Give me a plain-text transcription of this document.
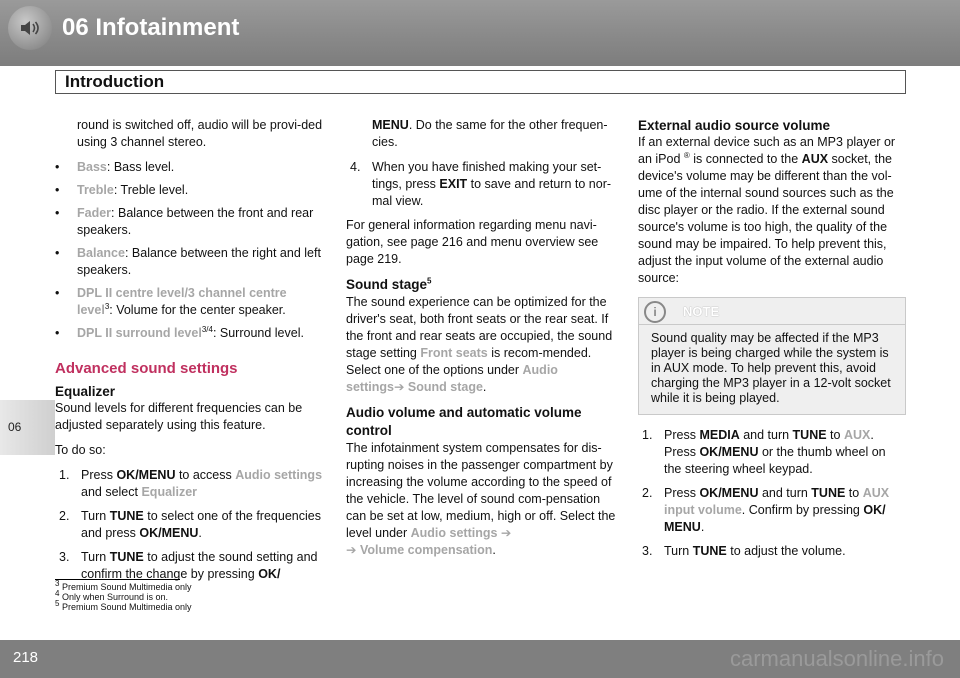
06 Infotainment
Introduction
06

round is switched off, audio will be provi-ded using 3 channel stereo.

• Bass: Bass level.
• Treble: Treble level.
• Fader: Balance between the front and rear speakers.
• Balance: Balance between the right and left speakers.
• DPL II centre level/3 channel centre level$^3$: Volume for the center speaker.
• DPL II surround level$^{3/4}$: Surround level.
Advanced sound settings
Equalizer

Sound levels for different frequencies can be adjusted separately using this feature.

To do so:

1. Press OK/MENU to access Audio settings and select Equalizer
2. Turn TUNE to select one of the frequencies and press OK/MENU.
3. Turn TUNE to adjust the sound setting and confirm the change by pressing OK/

MENU. Do the same for the other frequen-cies.

4. When you have finished making your set-tings, press EXIT to save and return to nor-mal view.

For general information regarding menu navi-gation, see page 216 and menu overview see page 219.

Sound stage$^5$

The sound experience can be optimized for the driver's seat, both front seats or the rear seat. If the front and rear seats are occupied, the sound stage setting Front seats is recom-mended. Select one of the options under Audio settings➔ Sound stage.

Audio volume and automatic volume control

The infotainment system compensates for dis-rupting noises in the passenger compartment by increasing the volume according to the speed of the vehicle. The level of sound com-pensation can be set at low, medium, high or off. Select the level under Audio settings ➔
➔ Volume compensation.

External audio source volume

If an external device such as an MP3 player or an iPod ® is connected to the AUX socket, the device's volume may be different than the vol-ume of the internal sound sources such as the disc player or the radio. If the external sound source's volume is too high, the quality of the sound may be impaired. To help prevent this, adjust the input volume of the external audio source:

i	NOTE
Sound quality may be affected if the MP3 player is being charged while the system is in AUX mode. To help prevent this, avoid charging the MP3 player in a 12-volt socket while it is being played.
1. Press MEDIA and turn TUNE to AUX. Press OK/MENU or the thumb wheel on the steering wheel keypad.
2. Press OK/MENU and turn TUNE to AUX input volume. Confirm by pressing OK/ MENU.
3. Turn TUNE to adjust the volume.
$^3$ Premium Sound Multimedia only
$^4$ Only when Surround is on.
$^5$ Premium Sound Multimedia only
218	carmanualsonline.info
